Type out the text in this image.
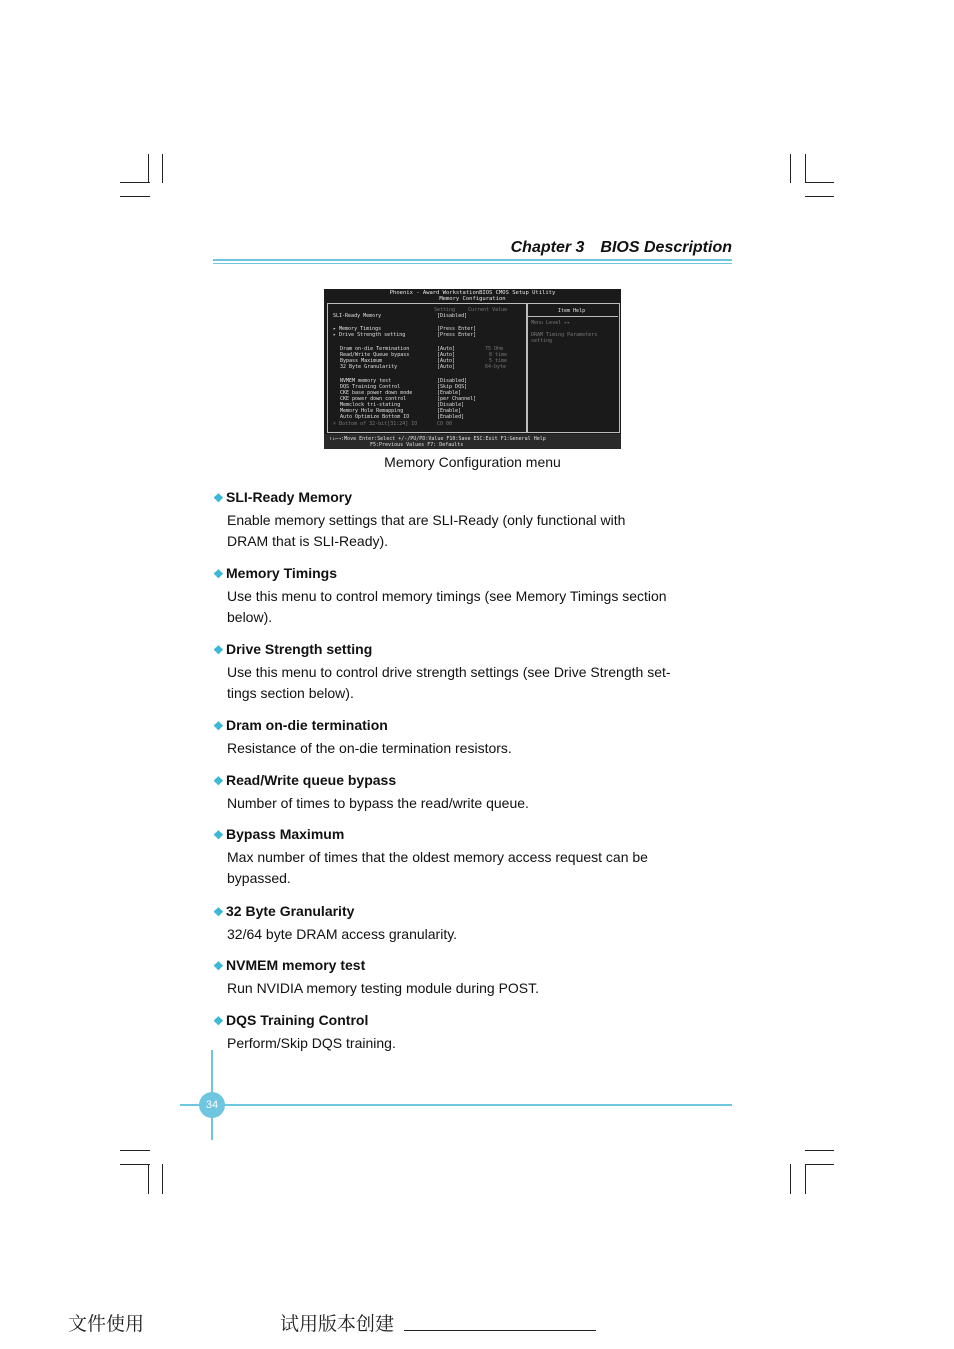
Chapter 3 BIOS Description
Phoenix - Award WorkstationBIOS CMOS Setup Utility
Memory Configuration
Setting	Current Value	Item Help
Menu Level ▸▸
DRAM Timing Parameters
setting
SLI-Ready Memory	[Disabled]
▸ Memory Timings	[Press Enter]
▸ Drive Strength setting	[Press Enter]
Dram on-die Termination	[Auto]	75 Ohm
Read/Write Queue bypass	[Auto]	8 time
Bypass Maximum	[Auto]	5 time
32 Byte Granularity	[Auto]	64-byte
NVMEM memory test	[Disabled]
DQS Training Control	[Skip DQS]
CKE base power down mode	[Enable]
CKE power down control	[per Channel]
Memclock tri-stating	[Disable]
Memory Hole Remapping	[Enable]
Auto Optimize Bottom IO	[Enabled]
× Bottom of 32-bit[31:24] IO	C0 00
↑↓←→:Move Enter:Select +/-/PU/PD:Value F10:Save ESC:Exit F1:General Help
F5:Previous Values F7: Defaults
Memory Configuration menu
❖ SLI-Ready Memory
Enable memory settings that are SLI-Ready (only functional with
DRAM that is SLI-Ready).
❖ Memory Timings
Use this menu to control memory timings (see Memory Timings section
below).
❖ Drive Strength setting
Use this menu to control drive strength settings (see Drive Strength set-
tings section below).
❖ Dram on-die termination
Resistance of the on-die termination resistors.
❖ Read/Write queue bypass
Number of times to bypass the read/write queue.
❖ Bypass Maximum
Max number of times that the oldest memory access request can be
bypassed.
❖ 32 Byte Granularity
32/64 byte DRAM access granularity.
❖ NVMEM memory test
Run NVIDIA memory testing module during POST.
❖ DQS Training Control
Perform/Skip DQS training.
34
文件使用	试用版本创建
